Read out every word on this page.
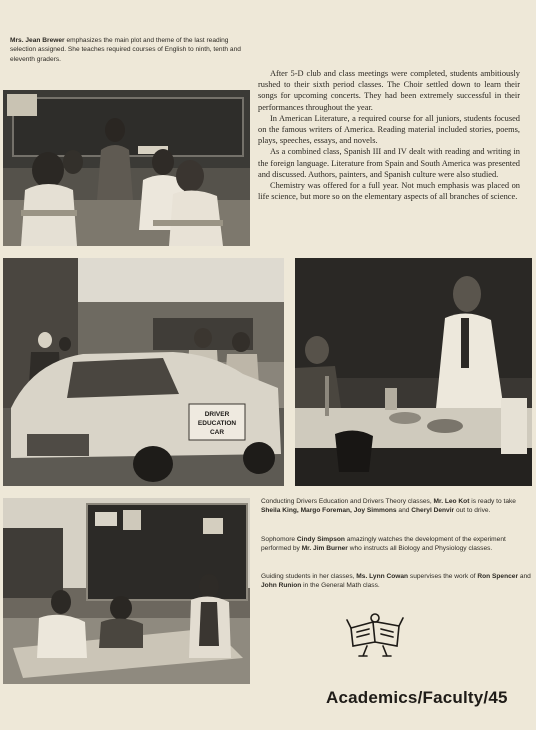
Mrs. Jean Brewer emphasizes the main plot and theme of the last reading selection assigned. She teaches required courses of English to ninth, tenth and eleventh graders.

After 5-D club and class meetings were completed, students ambitiously rushed to their sixth period classes. The Choir settled down to learn their songs for upcoming concerts. They had been extremely successful in their performances throughout the year.

In American Literature, a required course for all juniors, students focused on the famous writers of America. Reading material included stories, poems, plays, speeches, essays, and novels.

As a combined class, Spanish III and IV dealt with reading and writing in the foreign language. Literature from Spain and South America was presented and discussed. Authors, painters, and Spanish culture were also studied.

Chemistry was offered for a full year. Not much emphasis was placed on life science, but more so on the elementary aspects of all branches of science.

DRIVER
EDUCATION
CAR
Conducting Drivers Education and Drivers Theory classes, Mr. Leo Kot is ready to take Sheila King, Margo Foreman, Joy Simmons and Cheryl Denvir out to drive.
Sophomore Cindy Simpson amazingly watches the development of the experiment performed by Mr. Jim Burner who instructs all Biology and Physiology classes.
Guiding students in her classes, Ms. Lynn Cowan supervises the work of Ron Spencer and John Runion in the General Math class.
Academics/Faculty/45
